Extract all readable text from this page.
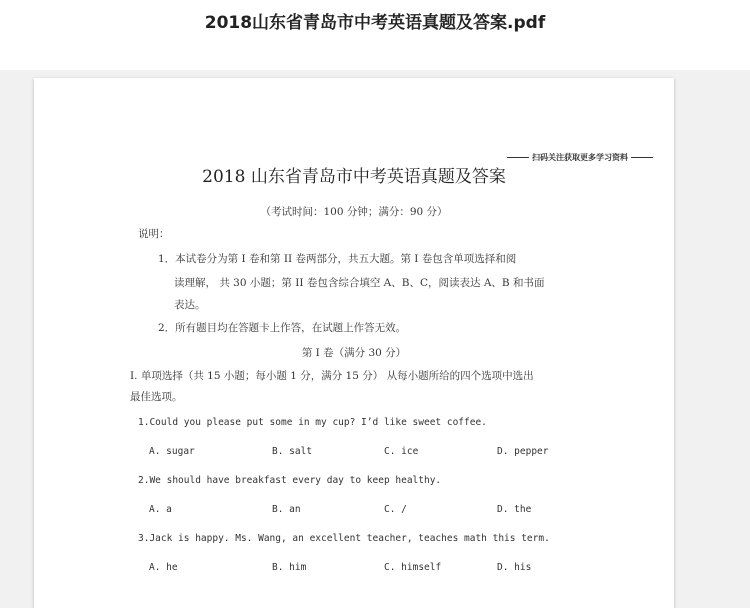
2018山东省青岛市中考英语真题及答案.pdf
扫码关注获取更多学习资料
2018 山东省青岛市中考英语真题及答案
（考试时间：100 分钟；满分：90 分）
说明：
1．本试卷分为第 I 卷和第 II 卷两部分，共五大题。第 I 卷包含单项选择和阅
读理解， 共 30 小题；第 II 卷包含综合填空 A、B、C，阅读表达 A、B 和书面
表达。
2．所有题目均在答题卡上作答，在试题上作答无效。
第 I 卷（满分 30 分）
I. 单项选择（共 15 小题；每小题 1 分，满分 15 分） 从每小题所给的四个选项中选出
最佳选项。
1.Could you please put some in my cup? I’d like sweet coffee.
A. sugar	B. salt	C. ice	D. pepper
2.We should have breakfast every day to keep healthy.
A. a	B. an	C. /	D. the
3.Jack is happy. Ms. Wang, an excellent teacher, teaches math this term.
A. he	B. him	C. himself	D. his
